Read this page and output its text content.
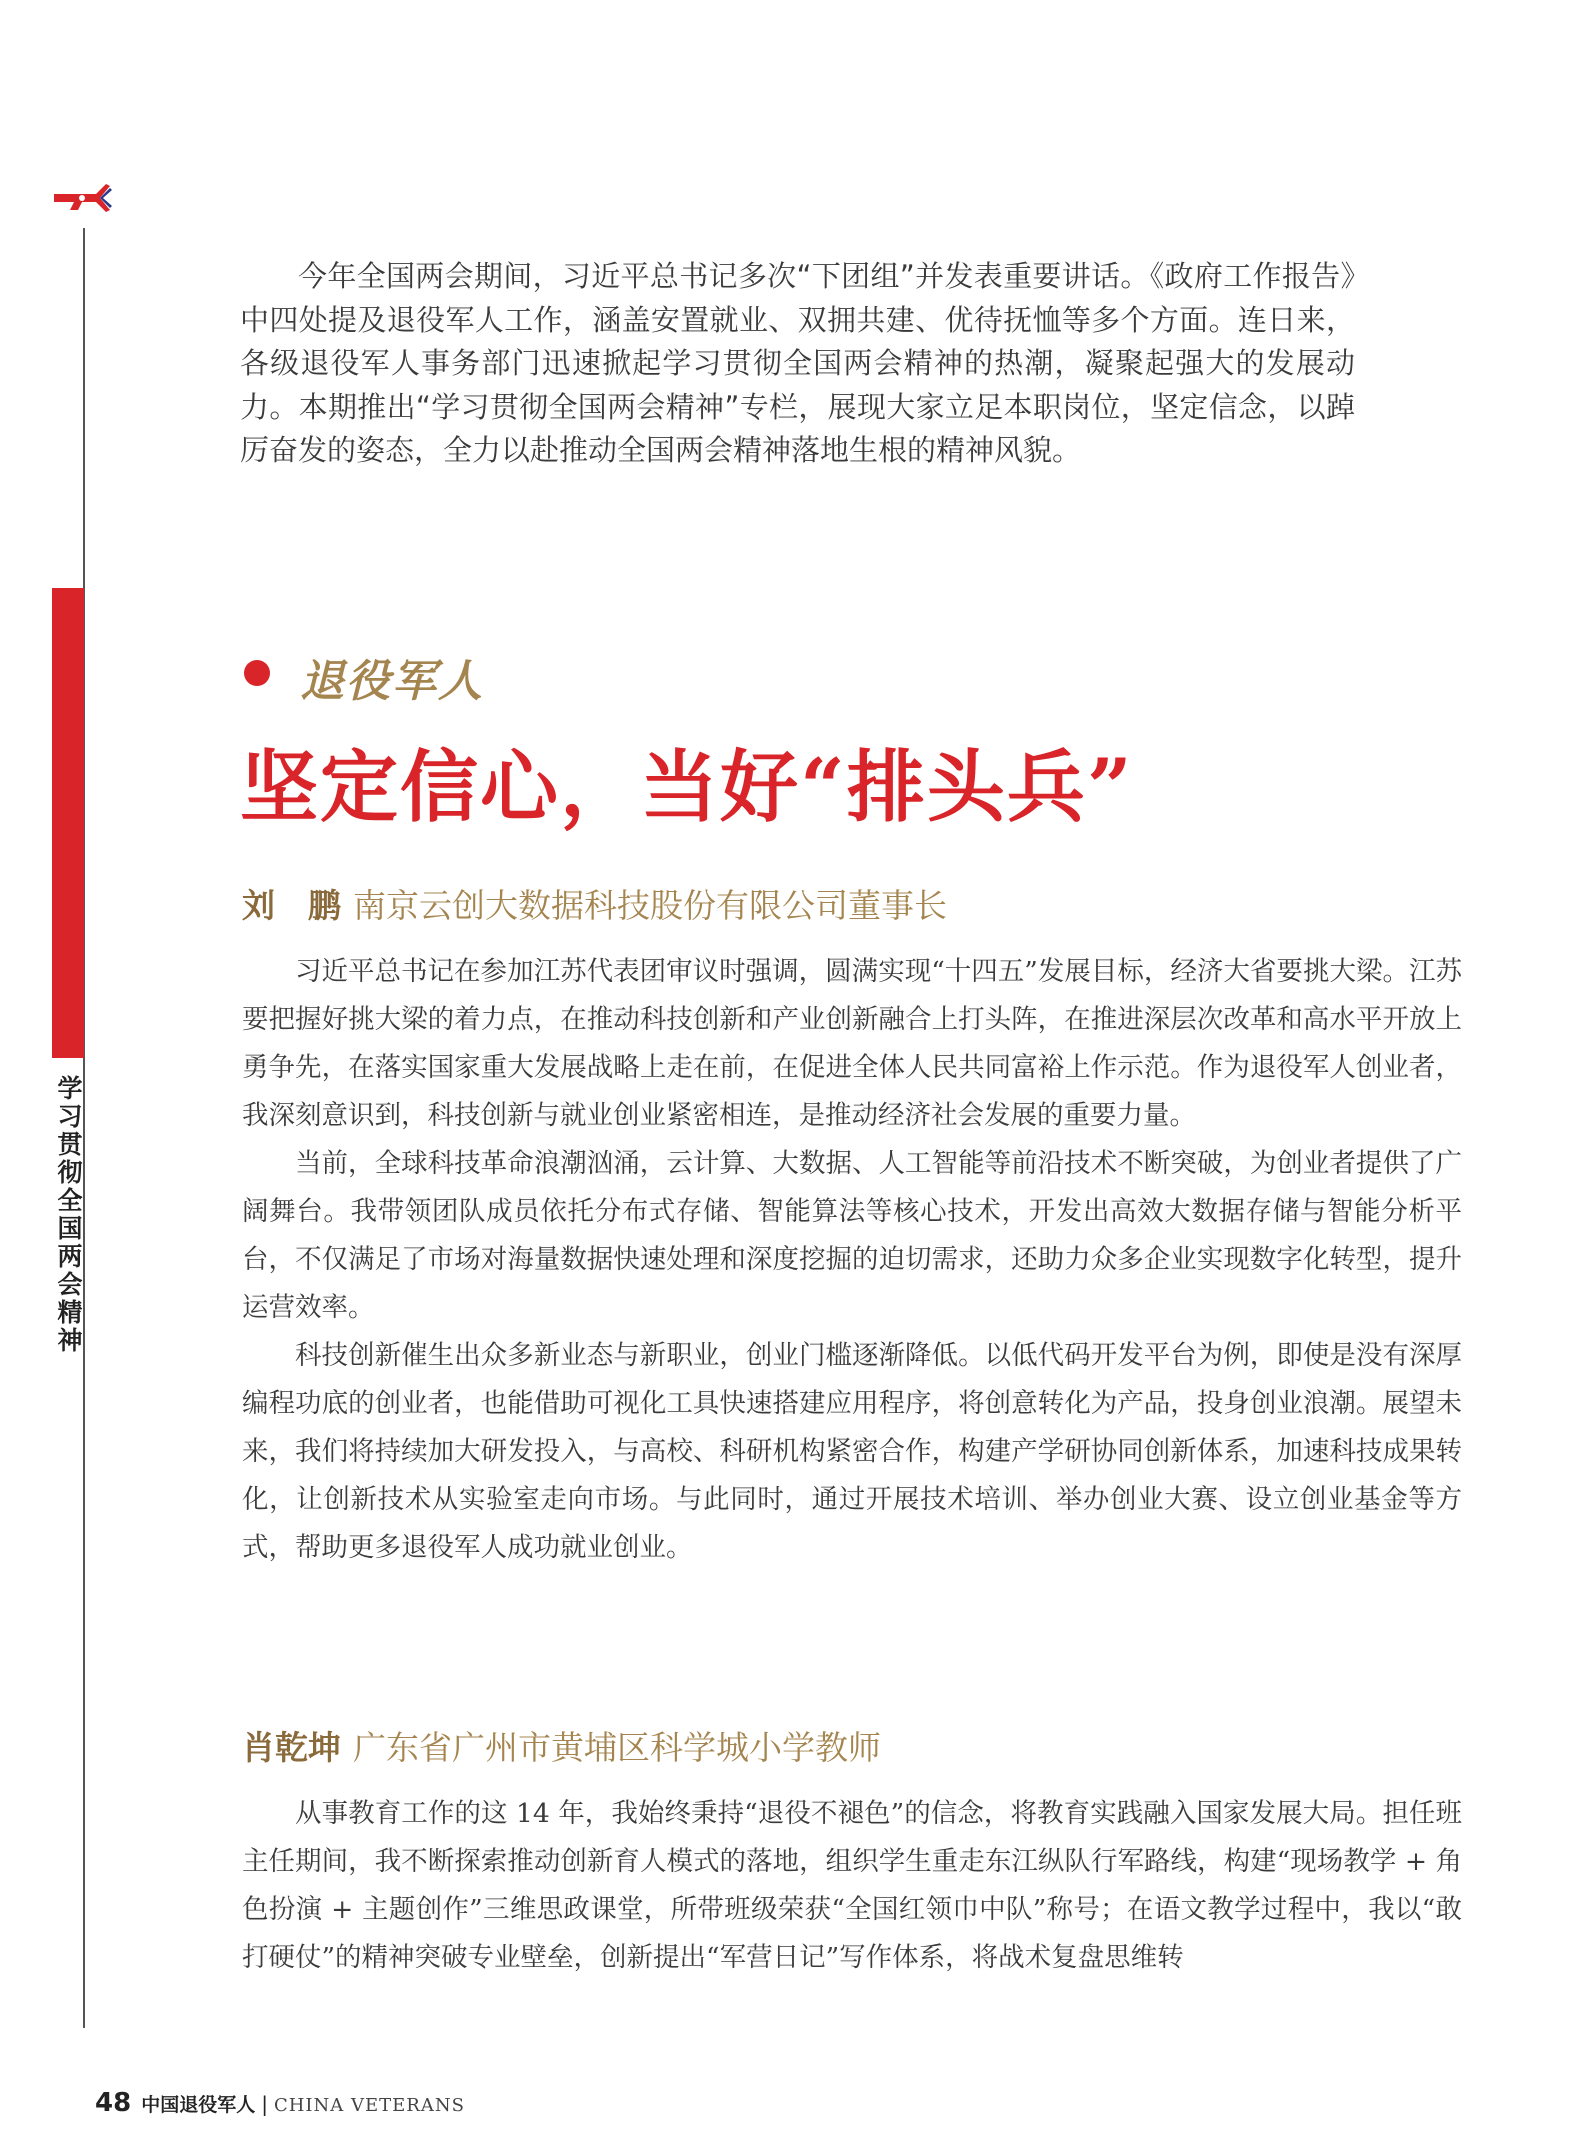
学习贯彻全国两会精神

今年全国两会期间，习近平总书记多次“下团组”并发表重要讲话。《政府工作报告》中四处提及退役军人工作，涵盖安置就业、双拥共建、优待抚恤等多个方面。连日来，各级退役军人事务部门迅速掀起学习贯彻全国两会精神的热潮，凝聚起强大的发展动力。本期推出“学习贯彻全国两会精神”专栏，展现大家立足本职岗位，坚定信念，以踔厉奋发的姿态，全力以赴推动全国两会精神落地生根的精神风貌。

退役军人
坚定信心，当好“排头兵”
刘　鹏 南京云创大数据科技股份有限公司董事长

习近平总书记在参加江苏代表团审议时强调，圆满实现“十四五”发展目标，经济大省要挑大梁。江苏要把握好挑大梁的着力点，在推动科技创新和产业创新融合上打头阵，在推进深层次改革和高水平开放上勇争先，在落实国家重大发展战略上走在前，在促进全体人民共同富裕上作示范。作为退役军人创业者，我深刻意识到，科技创新与就业创业紧密相连，是推动经济社会发展的重要力量。

当前，全球科技革命浪潮汹涌，云计算、大数据、人工智能等前沿技术不断突破，为创业者提供了广阔舞台。我带领团队成员依托分布式存储、智能算法等核心技术，开发出高效大数据存储与智能分析平台，不仅满足了市场对海量数据快速处理和深度挖掘的迫切需求，还助力众多企业实现数字化转型，提升运营效率。

科技创新催生出众多新业态与新职业，创业门槛逐渐降低。以低代码开发平台为例，即使是没有深厚编程功底的创业者，也能借助可视化工具快速搭建应用程序，将创意转化为产品，投身创业浪潮。展望未来，我们将持续加大研发投入，与高校、科研机构紧密合作，构建产学研协同创新体系，加速科技成果转化，让创新技术从实验室走向市场。与此同时，通过开展技术培训、举办创业大赛、设立创业基金等方式，帮助更多退役军人成功就业创业。

肖乾坤 广东省广州市黄埔区科学城小学教师

从事教育工作的这 14 年，我始终秉持“退役不褪色”的信念，将教育实践融入国家发展大局。担任班主任期间，我不断探索推动创新育人模式的落地，组织学生重走东江纵队行军路线，构建“现场教学 + 角色扮演 + 主题创作”三维思政课堂，所带班级荣获“全国红领巾中队”称号；在语文教学过程中，我以“敢打硬仗”的精神突破专业壁垒，创新提出“军营日记”写作体系，将战术复盘思维转

48 中国退役军人 | CHINA VETERANS
